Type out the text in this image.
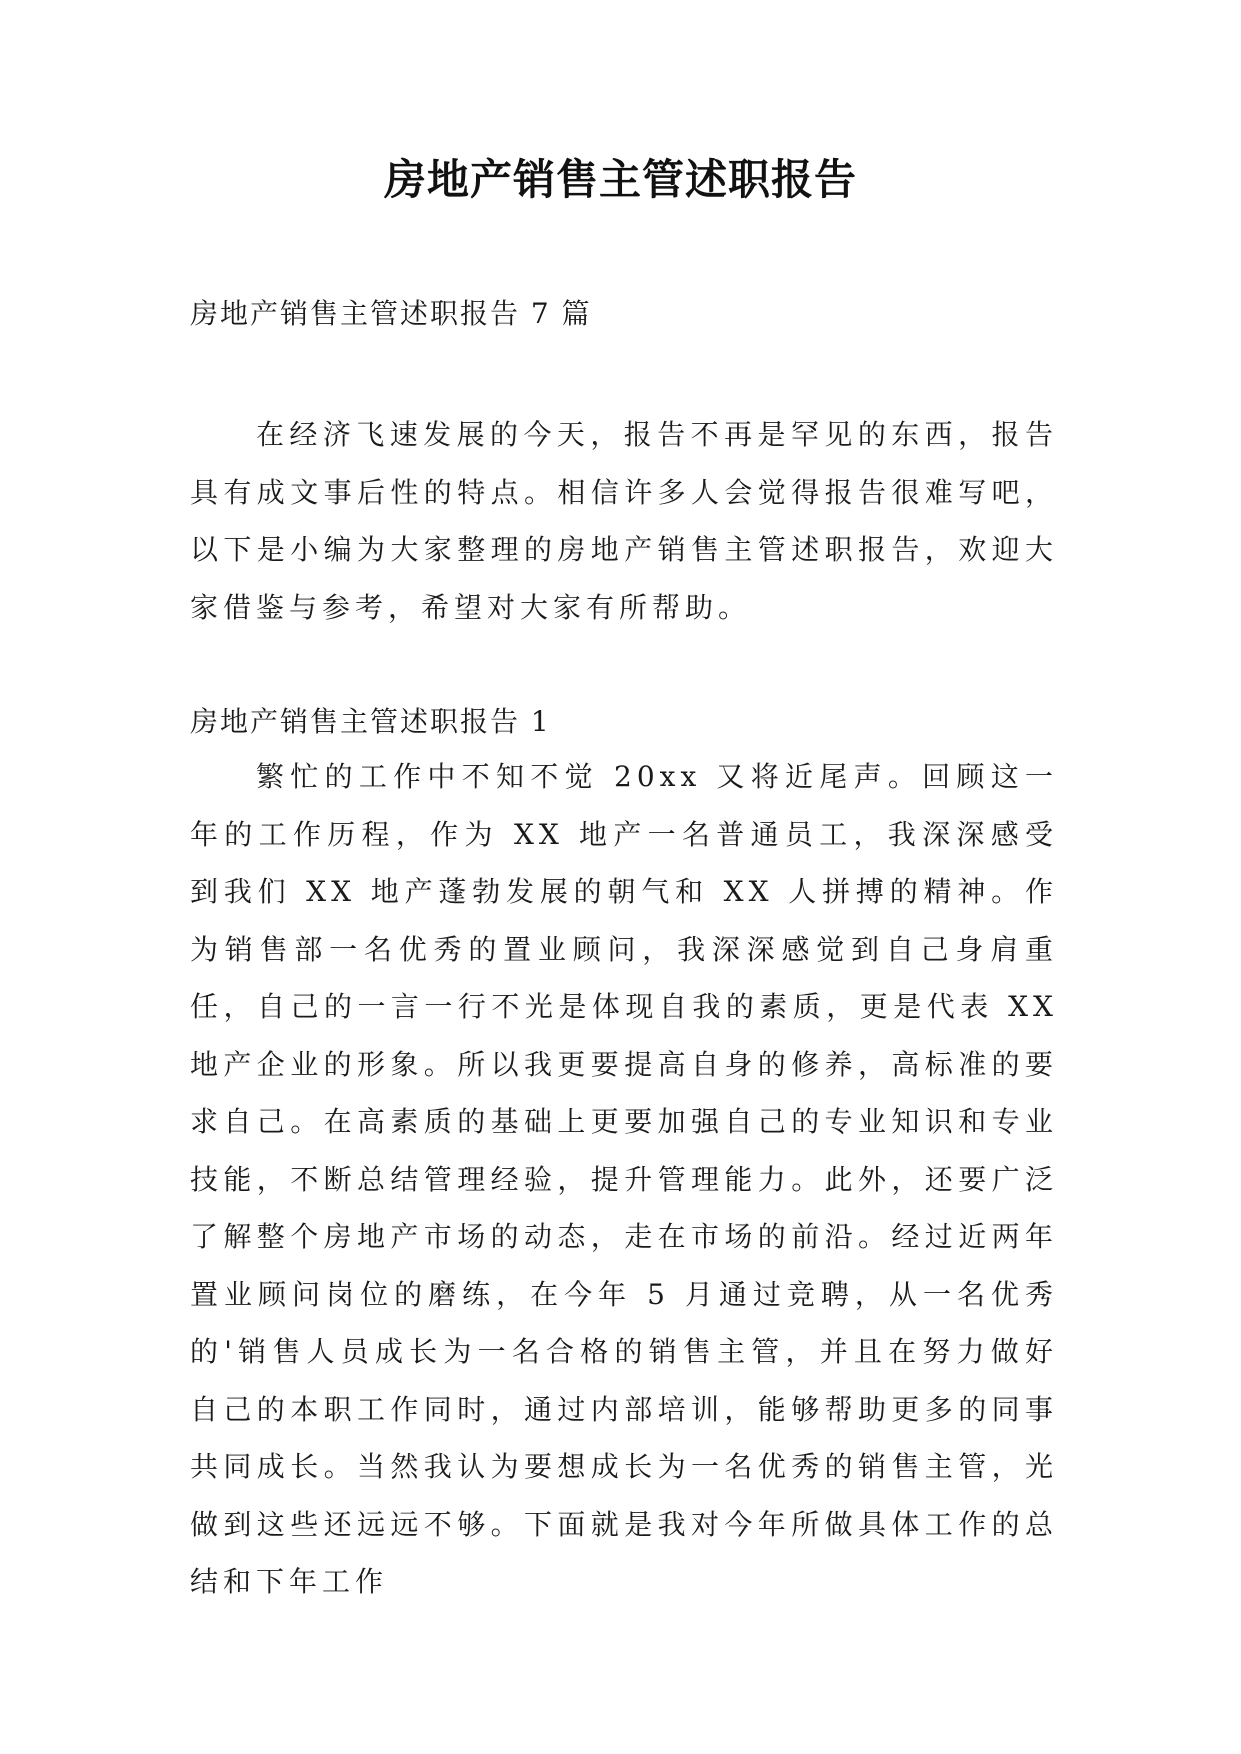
房地产销售主管述职报告
房地产销售主管述职报告 7 篇

在经济飞速发展的今天，报告不再是罕见的东西，报告具有成文事后性的特点。相信许多人会觉得报告很难写吧，以下是小编为大家整理的房地产销售主管述职报告，欢迎大家借鉴与参考，希望对大家有所帮助。

房地产销售主管述职报告 1

繁忙的工作中不知不觉 20xx 又将近尾声。回顾这一年的工作历程，作为 XX 地产一名普通员工，我深深感受到我们 XX 地产蓬勃发展的朝气和 XX 人拼搏的精神。作为销售部一名优秀的置业顾问，我深深感觉到自己身肩重任，自己的一言一行不光是体现自我的素质，更是代表 XX 地产企业的形象。所以我更要提高自身的修养，高标准的要求自己。在高素质的基础上更要加强自己的专业知识和专业技能，不断总结管理经验，提升管理能力。此外，还要广泛了解整个房地产市场的动态，走在市场的前沿。经过近两年置业顾问岗位的磨练，在今年 5 月通过竞聘，从一名优秀的'销售人员成长为一名合格的销售主管，并且在努力做好自己的本职工作同时，通过内部培训，能够帮助更多的同事共同成长。当然我认为要想成长为一名优秀的销售主管，光做到这些还远远不够。下面就是我对今年所做具体工作的总结和下年工作
